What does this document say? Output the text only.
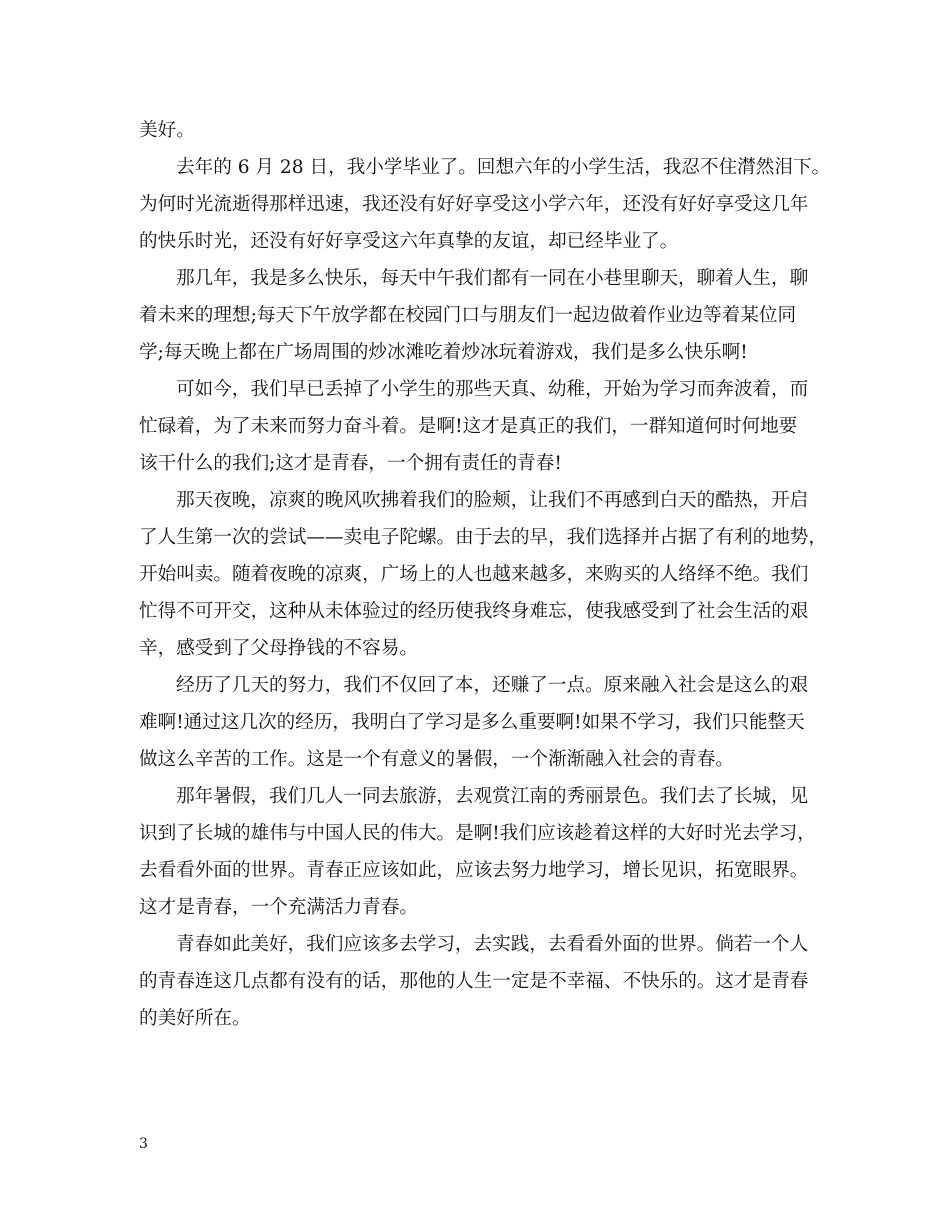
美好。
去年的 6 月 28 日，我小学毕业了。回想六年的小学生活，我忍不住潸然泪下。
为何时光流逝得那样迅速，我还没有好好享受这小学六年，还没有好好享受这几年
的快乐时光，还没有好好享受这六年真挚的友谊，却已经毕业了。
那几年，我是多么快乐，每天中午我们都有一同在小巷里聊天，聊着人生，聊
着未来的理想;每天下午放学都在校园门口与朋友们一起边做着作业边等着某位同
学;每天晚上都在广场周围的炒冰滩吃着炒冰玩着游戏，我们是多么快乐啊!
可如今，我们早已丢掉了小学生的那些天真、幼稚，开始为学习而奔波着，而
忙碌着，为了未来而努力奋斗着。是啊!这才是真正的我们，一群知道何时何地要
该干什么的我们;这才是青春，一个拥有责任的青春!
那天夜晚，凉爽的晚风吹拂着我们的脸颊，让我们不再感到白天的酷热，开启
了人生第一次的尝试——卖电子陀螺。由于去的早，我们选择并占据了有利的地势，
开始叫卖。随着夜晚的凉爽，广场上的人也越来越多，来购买的人络绎不绝。我们
忙得不可开交，这种从未体验过的经历使我终身难忘，使我感受到了社会生活的艰
辛，感受到了父母挣钱的不容易。
经历了几天的努力，我们不仅回了本，还赚了一点。原来融入社会是这么的艰
难啊!通过这几次的经历，我明白了学习是多么重要啊!如果不学习，我们只能整天
做这么辛苦的工作。这是一个有意义的暑假，一个渐渐融入社会的青春。
那年暑假，我们几人一同去旅游，去观赏江南的秀丽景色。我们去了长城，见
识到了长城的雄伟与中国人民的伟大。是啊!我们应该趁着这样的大好时光去学习，
去看看外面的世界。青春正应该如此，应该去努力地学习，增长见识，拓宽眼界。
这才是青春，一个充满活力青春。
青春如此美好，我们应该多去学习，去实践，去看看外面的世界。倘若一个人
的青春连这几点都有没有的话，那他的人生一定是不幸福、不快乐的。这才是青春
的美好所在。
3
